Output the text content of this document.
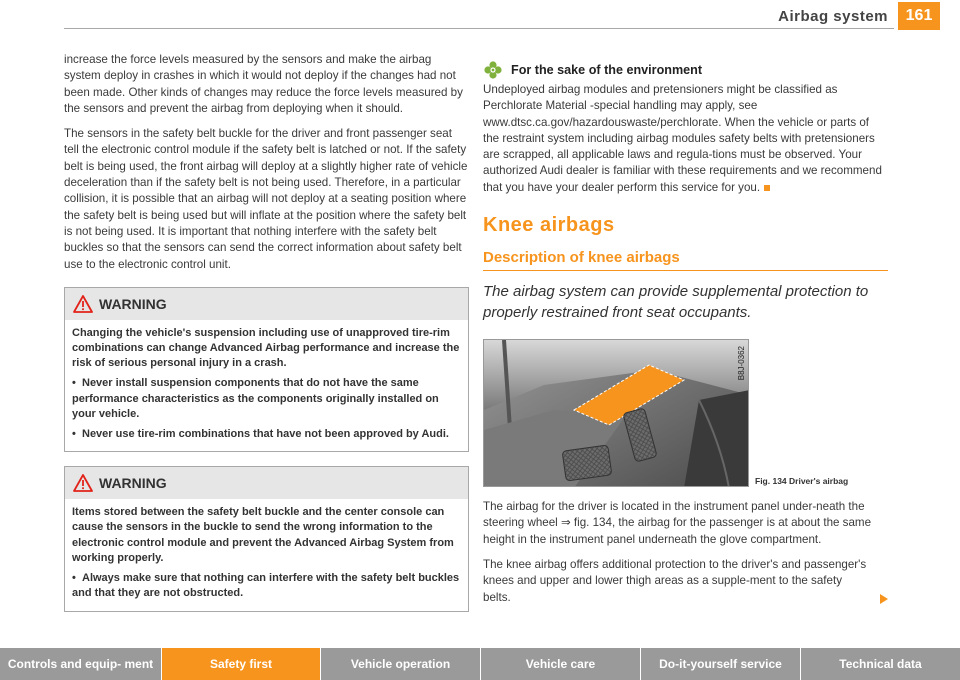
Airbag system	161

increase the force levels measured by the sensors and make the airbag system deploy in crashes in which it would not deploy if the changes had not been made. Other kinds of changes may reduce the force levels measured by the sensors and prevent the airbag from deploying when it should.

The sensors in the safety belt buckle for the driver and front passenger seat tell the electronic control module if the safety belt is latched or not. If the safety belt is being used, the front airbag will deploy at a slightly higher rate of vehicle deceleration than if the safety belt is not being used. Therefore, in a particular collision, it is possible that an airbag will not deploy at a seating position where the safety belt is being used but will inflate at the position where the safety belt is not being used. It is important that nothing interfere with the safety belt buckles so that the sensors can send the correct information about safety belt use to the electronic control unit.

WARNING

Changing the vehicle's suspension including use of unapproved tire-rim combinations can change Advanced Airbag performance and increase the risk of serious personal injury in a crash.

• Never install suspension components that do not have the same performance characteristics as the components originally installed on your vehicle.

• Never use tire-rim combinations that have not been approved by Audi.

WARNING

Items stored between the safety belt buckle and the center console can cause the sensors in the buckle to send the wrong information to the electronic control module and prevent the Advanced Airbag System from working properly.

• Always make sure that nothing can interfere with the safety belt buckles and that they are not obstructed.

For the sake of the environment

Undeployed airbag modules and pretensioners might be classified as Perchlorate Material -special handling may apply, see www.dtsc.ca.gov/hazardouswaste/perchlorate. When the vehicle or parts of the restraint system including airbag modules safety belts with pretensioners are scrapped, all applicable laws and regula-tions must be observed. Your authorized Audi dealer is familiar with these requirements and we recommend that you have your dealer perform this service for you.

Knee airbags
Description of knee airbags

The airbag system can provide supplemental protection to properly restrained front seat occupants.

B8J-0362
Fig. 134 Driver's airbag

The airbag for the driver is located in the instrument panel under-neath the steering wheel ⇒ fig. 134, the airbag for the passenger is at about the same height in the instrument panel underneath the glove compartment.

The knee airbag offers additional protection to the driver's and passenger's knees and upper and lower thigh areas as a supple-ment to the safety belts.

Controls and equip- ment	Safety first	Vehicle operation	Vehicle care	Do-it-yourself service	Technical data
